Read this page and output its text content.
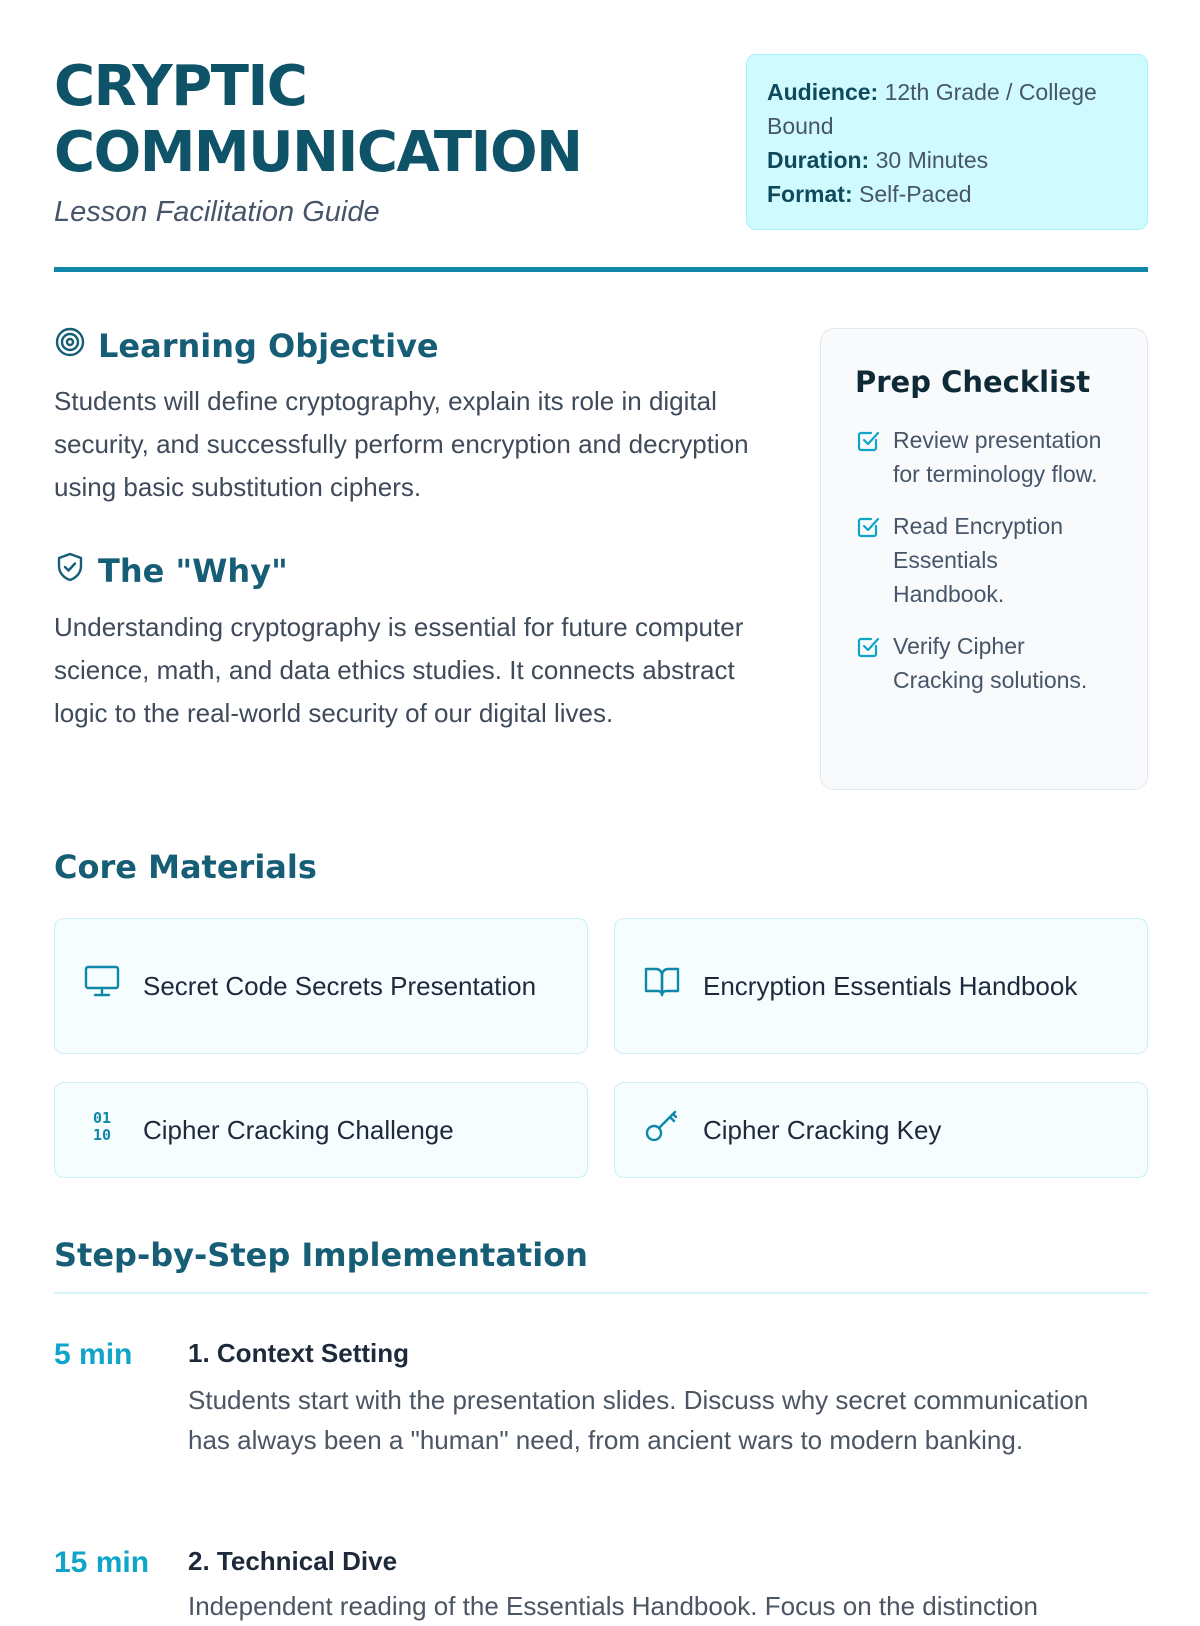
CRYPTIC
COMMUNICATION
Lesson Facilitation Guide
Audience: 12th Grade / College Bound
Duration: 30 Minutes
Format: Self-Paced
Learning Objective

Students will define cryptography, explain its role in digital security, and successfully perform encryption and decryption using basic substitution ciphers.

The "Why"

Understanding cryptography is essential for future computer science, math, and data ethics studies. It connects abstract logic to the real-world security of our digital lives.

Prep Checklist
Review presentation for terminology flow.
Read Encryption Essentials Handbook.
Verify Cipher Cracking solutions.
Core Materials
Secret Code Secrets Presentation	Encryption Essentials Handbook
01
10 Cipher Cracking Challenge	Cipher Cracking Key
Step-by-Step Implementation
5 min 1. Context Setting
Students start with the presentation slides. Discuss why secret communication has always been a "human" need, from ancient wars to modern banking.
15 min 2. Technical Dive
Independent reading of the Essentials Handbook. Focus on the distinction
